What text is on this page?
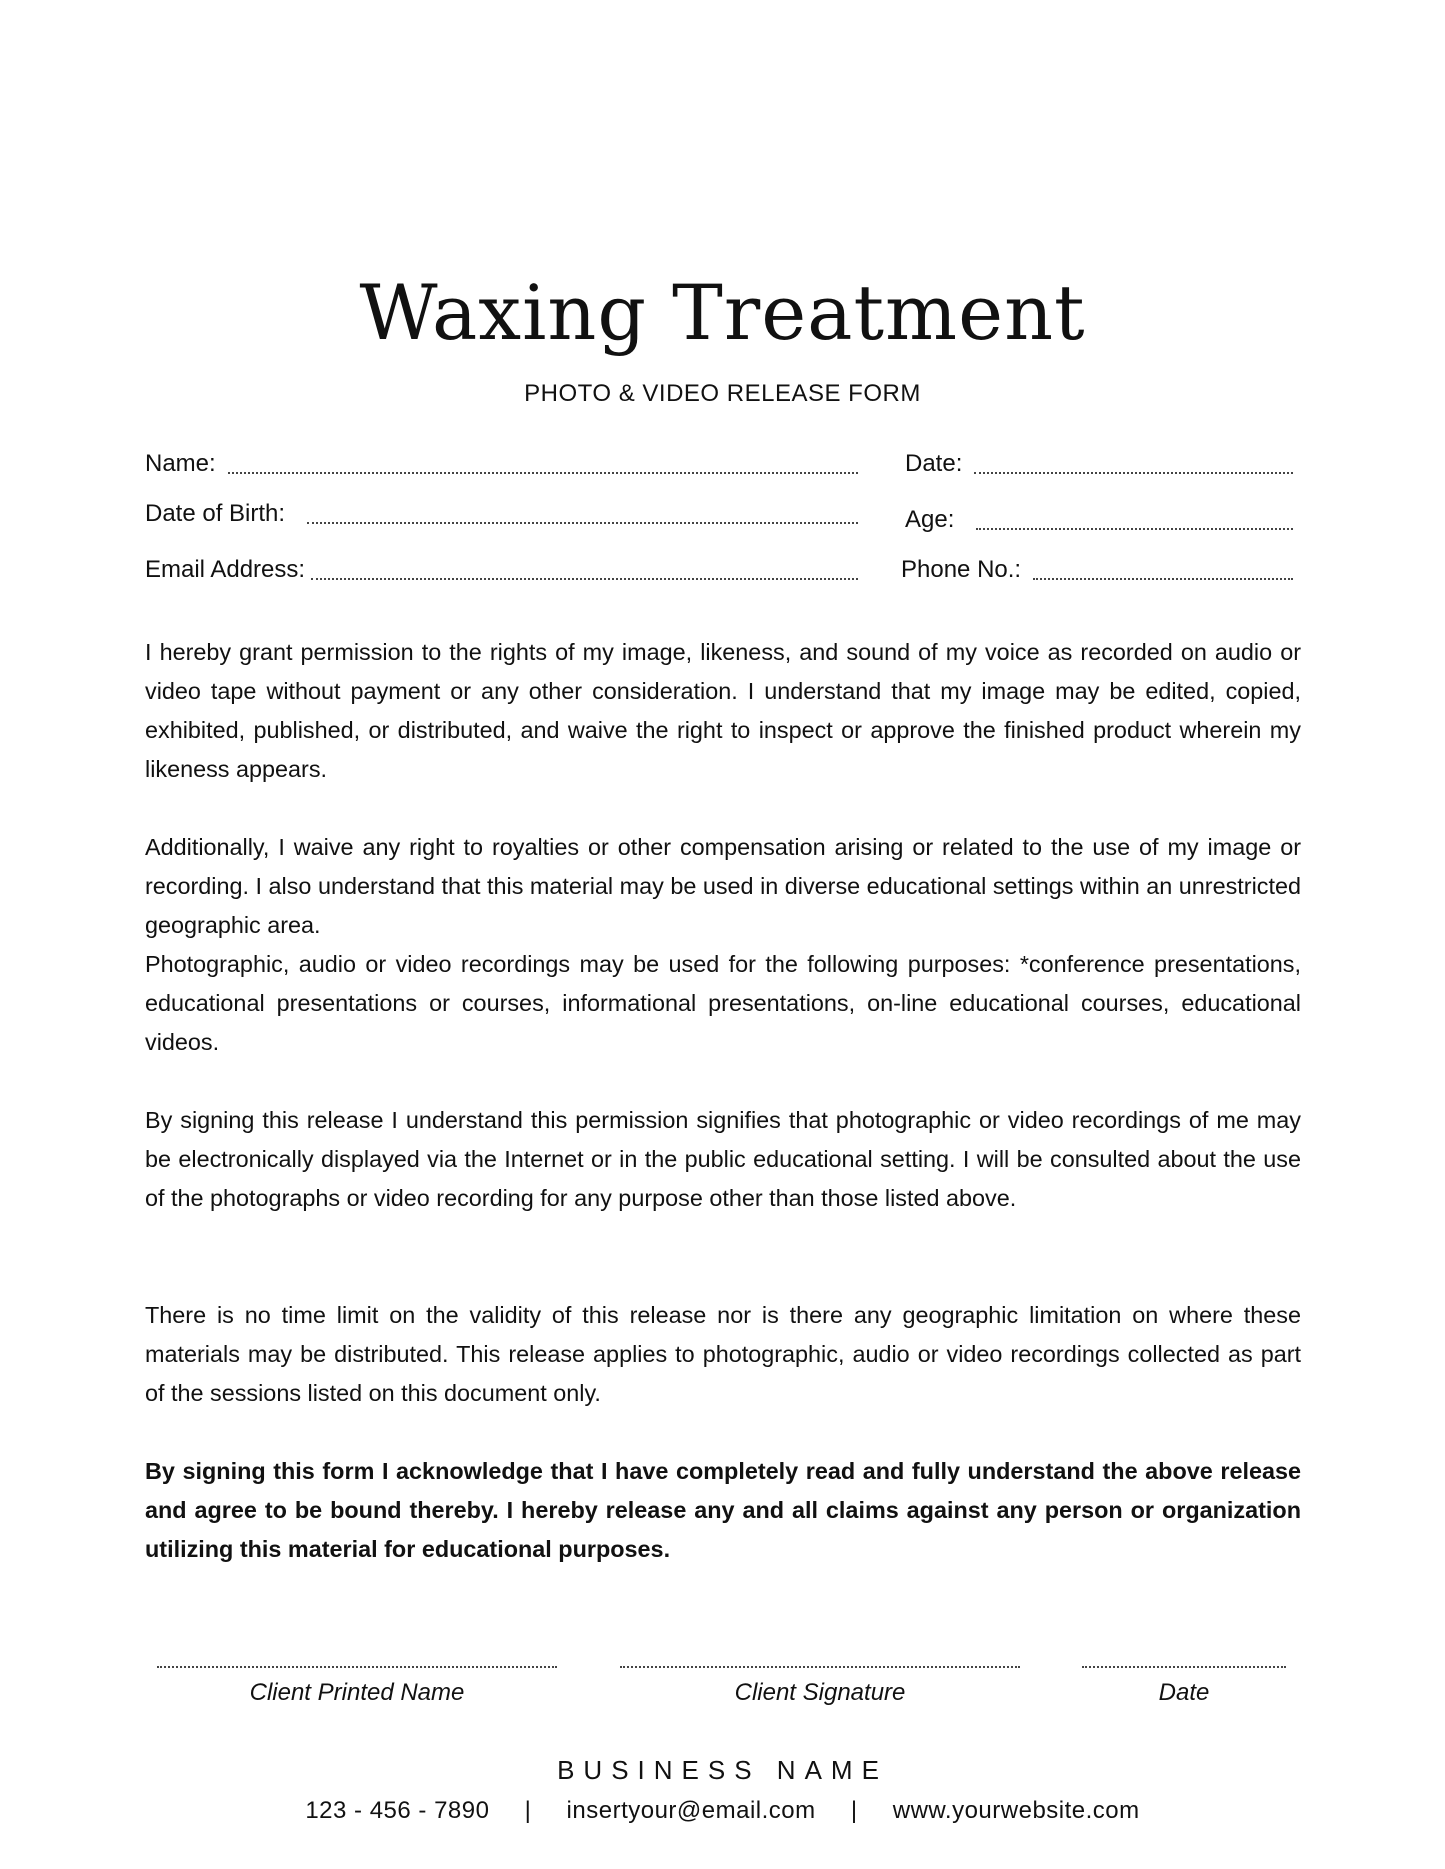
Waxing Treatment
PHOTO & VIDEO RELEASE FORM
Name:	Date:
Date of Birth:	Age:
Email Address:	Phone No.:

I hereby grant permission to the rights of my image, likeness, and sound of my voice as recorded on audio or video tape without payment or any other consideration. I understand that my image may be edited, copied, exhibited, published, or distributed, and waive the right to inspect or approve the finished product wherein my likeness appears.

Additionally, I waive any right to royalties or other compensation arising or related to the use of my image or recording. I also understand that this material may be used in diverse educational settings within an unrestricted geographic area.

Photographic, audio or video recordings may be used for the following purposes: *conference presentations, educational presentations or courses, informational presentations, on-line educational courses, educational videos.

By signing this release I understand this permission signifies that photographic or video recordings of me may be electronically displayed via the Internet or in the public educational setting. I will be consulted about the use of the photographs or video recording for any purpose other than those listed above.

There is no time limit on the validity of this release nor is there any geographic limitation on where these materials may be distributed. This release applies to photographic, audio or video recordings collected as part of the sessions listed on this document only.

By signing this form I acknowledge that I have completely read and fully understand the above release and agree to be bound thereby. I hereby release any and all claims against any person or organization utilizing this material for educational purposes.

Client Printed Name	Client Signature	Date
BUSINESS NAME
123 - 456 - 7890 | insertyour@email.com | www.yourwebsite.com
